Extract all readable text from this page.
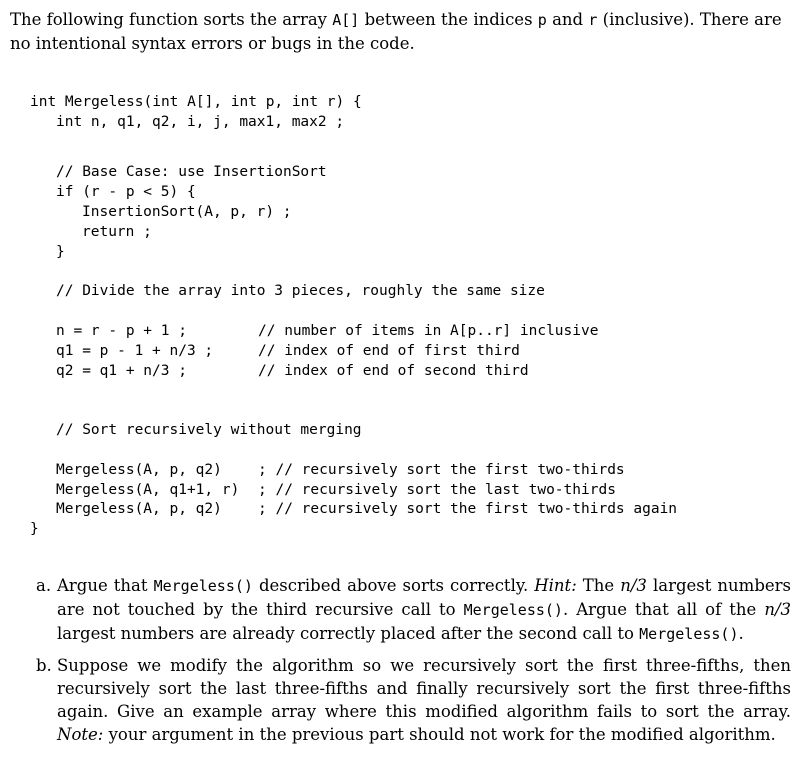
The following function sorts the array A[] between the indices p and r (inclusive). There are no intentional syntax errors or bugs in the code.

int Mergeless(int A[], int p, int r) {
int n, q1, q2, i, j, max1, max2 ;
// Base Case: use InsertionSort
if (r - p < 5) {
InsertionSort(A, p, r) ;
return ;
}
// Divide the array into 3 pieces, roughly the same size
n = r - p + 1 ;	// number of items in A[p..r] inclusive
q1 = p - 1 + n/3 ;	// index of end of first third
q2 = q1 + n/3 ;	// index of end of second third
// Sort recursively without merging
Mergeless(A, p, q2) ; // recursively sort the first two-thirds
Mergeless(A, q1+1, r) ; // recursively sort the last two-thirds
Mergeless(A, p, q2) ; // recursively sort the first two-thirds again
}
a. Argue that Mergeless() described above sorts correctly. Hint: The n/3 largest numbers are not touched by the third recursive call to Mergeless(). Argue that all of the n/3 largest numbers are already correctly placed after the second call to Mergeless().
b. Suppose we modify the algorithm so we recursively sort the first three-fifths, then recursively sort the last three-fifths and finally recursively sort the first three-fifths again. Give an example array where this modified algorithm fails to sort the array. Note: your argument in the previous part should not work for the modified algorithm.
